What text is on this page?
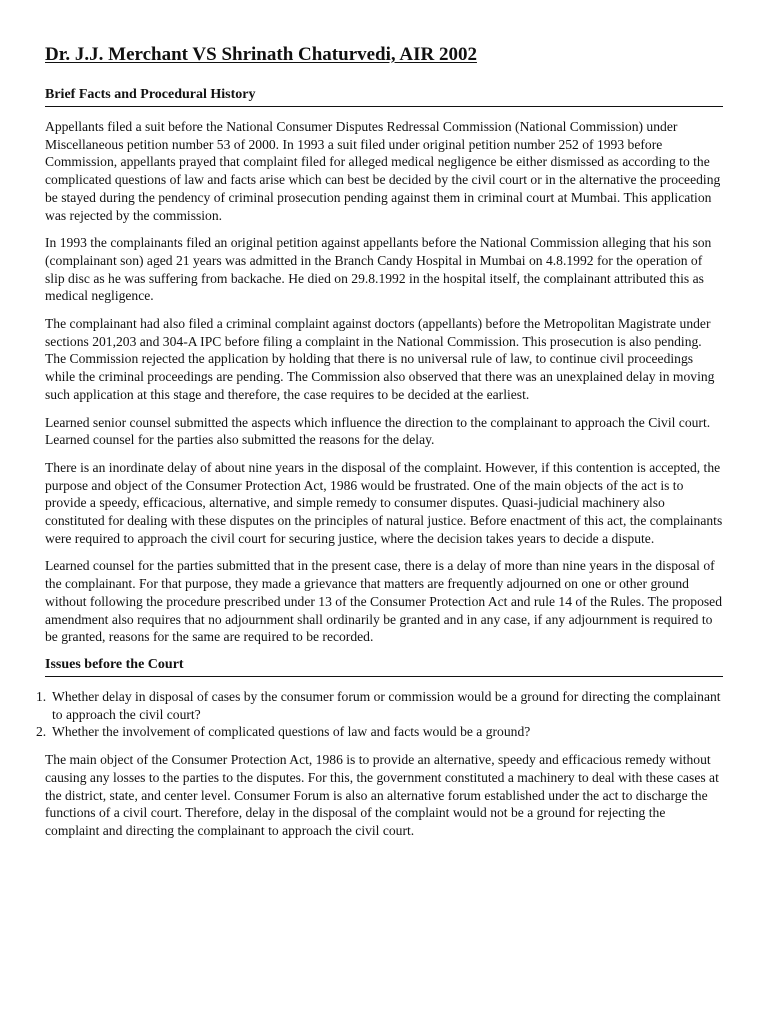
Dr. J.J. Merchant VS Shrinath Chaturvedi, AIR 2002
Brief Facts and Procedural History

Appellants filed a suit before the National Consumer Disputes Redressal Commission (National Commission) under Miscellaneous petition number 53 of 2000. In 1993 a suit filed under original petition number 252 of 1993 before Commission, appellants prayed that complaint filed for alleged medical negligence be either dismissed as according to the complicated questions of law and facts arise which can best be decided by the civil court or in the alternative the proceeding be stayed during the pendency of criminal prosecution pending against them in criminal court at Mumbai. This application was rejected by the commission.

In 1993 the complainants filed an original petition against appellants before the National Commission alleging that his son (complainant son) aged 21 years was admitted in the Branch Candy Hospital in Mumbai on 4.8.1992 for the operation of slip disc as he was suffering from backache. He died on 29.8.1992 in the hospital itself, the complainant attributed this as medical negligence.

The complainant had also filed a criminal complaint against doctors (appellants) before the Metropolitan Magistrate under sections 201,203 and 304-A IPC before filing a complaint in the National Commission. This prosecution is also pending. The Commission rejected the application by holding that there is no universal rule of law, to continue civil proceedings while the criminal proceedings are pending. The Commission also observed that there was an unexplained delay in moving such application at this stage and therefore, the case requires to be decided at the earliest.

Learned senior counsel submitted the aspects which influence the direction to the complainant to approach the Civil court. Learned counsel for the parties also submitted the reasons for the delay.

There is an inordinate delay of about nine years in the disposal of the complaint. However, if this contention is accepted, the purpose and object of the Consumer Protection Act, 1986 would be frustrated. One of the main objects of the act is to provide a speedy, efficacious, alternative, and simple remedy to consumer disputes. Quasi-judicial machinery also constituted for dealing with these disputes on the principles of natural justice. Before enactment of this act, the complainants were required to approach the civil court for securing justice, where the decision takes years to decide a dispute.

Learned counsel for the parties submitted that in the present case, there is a delay of more than nine years in the disposal of the complainant. For that purpose, they made a grievance that matters are frequently adjourned on one or other ground without following the procedure prescribed under 13 of the Consumer Protection Act and rule 14 of the Rules. The proposed amendment also requires that no adjournment shall ordinarily be granted and in any case, if any adjournment is required to be granted, reasons for the same are required to be recorded.

Issues before the Court
1. Whether delay in disposal of cases by the consumer forum or commission would be a ground for directing the complainant to approach the civil court?
2. Whether the involvement of complicated questions of law and facts would be a ground?

The main object of the Consumer Protection Act, 1986 is to provide an alternative, speedy and efficacious remedy without causing any losses to the parties to the disputes. For this, the government constituted a machinery to deal with these cases at the district, state, and center level. Consumer Forum is also an alternative forum established under the act to discharge the functions of a civil court. Therefore, delay in the disposal of the complaint would not be a ground for rejecting the complaint and directing the complainant to approach the civil court.
